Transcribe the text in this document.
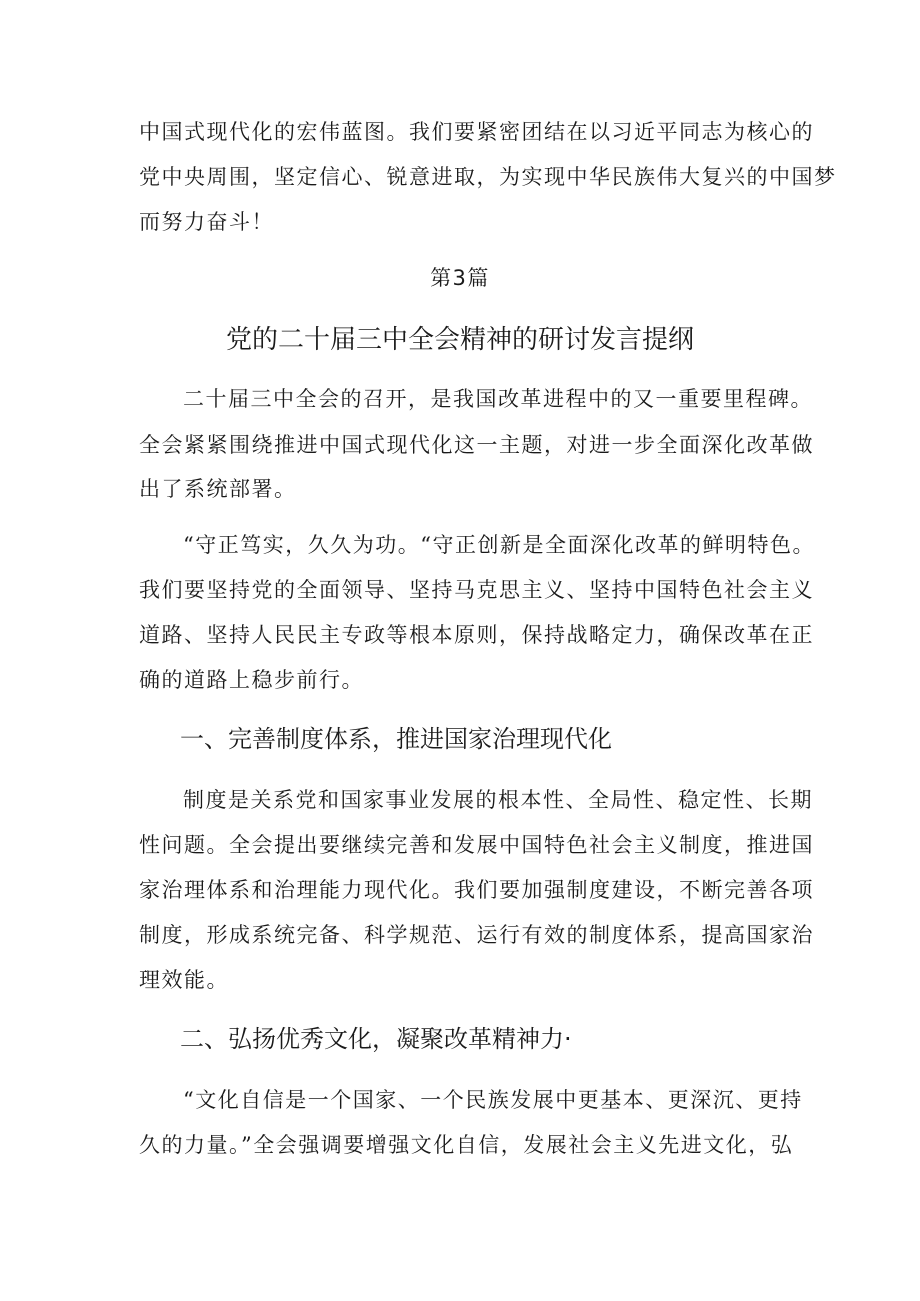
中国式现代化的宏伟蓝图。我们要紧密团结在以习近平同志为核心的
党中央周围，坚定信心、锐意进取，为实现中华民族伟大复兴的中国梦
而努力奋斗！
第3篇
党的二十届三中全会精神的研讨发言提纲
二十届三中全会的召开，是我国改革进程中的又一重要里程碑。
全会紧紧围绕推进中国式现代化这一主题，对进一步全面深化改革做
出了系统部署。
“守正笃实，久久为功。“守正创新是全面深化改革的鲜明特色。
我们要坚持党的全面领导、坚持马克思主义、坚持中国特色社会主义
道路、坚持人民民主专政等根本原则，保持战略定力，确保改革在正
确的道路上稳步前行。
一、完善制度体系，推进国家治理现代化
制度是关系党和国家事业发展的根本性、全局性、稳定性、长期
性问题。全会提出要继续完善和发展中国特色社会主义制度，推进国
家治理体系和治理能力现代化。我们要加强制度建设，不断完善各项
制度，形成系统完备、科学规范、运行有效的制度体系，提高国家治
理效能。
二、弘扬优秀文化，凝聚改革精神力·
“文化自信是一个国家、一个民族发展中更基本、更深沉、更持
久的力量。”全会强调要增强文化自信，发展社会主义先进文化，弘
